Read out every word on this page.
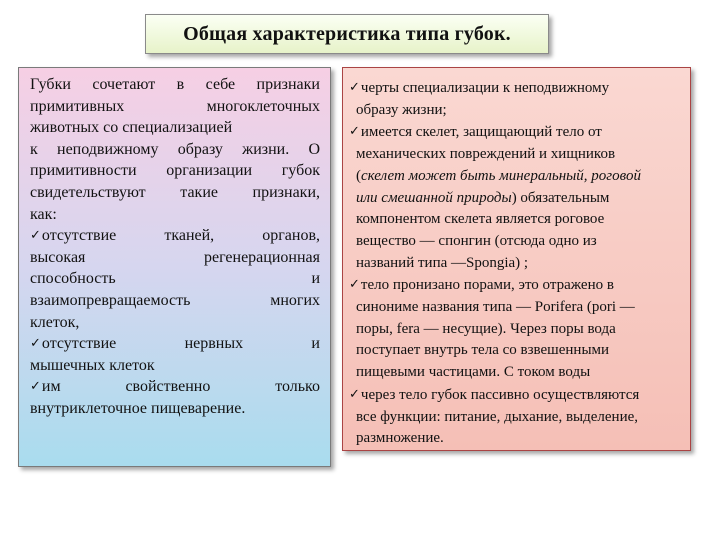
Общая характеристика типа губок.
Губки сочетают в себе признаки
примитивных многоклеточных
животных со специализацией
к неподвижному образу жизни. О
примитивности организации губок
свидетельствуют такие признаки,
как:
✓отсутствие тканей, органов,
высокая регенерационная
способность и
взаимопревращаемость многих
клеток,
✓отсутствие нервных и
мышечных клеток
✓им свойственно только
внутриклеточное пищеварение.
✓черты специализации к неподвижному
образу жизни;
✓имеется скелет, защищающий тело от
механических повреждений и хищников
(скелет может быть минеральный, роговой
или смешанной природы) обязательным
компонентом скелета является роговое
вещество — спонгин (отсюда одно из
названий типа —Spongia) ;
✓тело пронизано порами, это отражено в
синониме названия типа — Porifera (pori —
поры, fera — несущие). Через поры вода
поступает внутрь тела со взвешенными
пищевыми частицами. С током воды
✓через тело губок пассивно осуществляются
все функции: питание, дыхание, выделение,
размножение.
